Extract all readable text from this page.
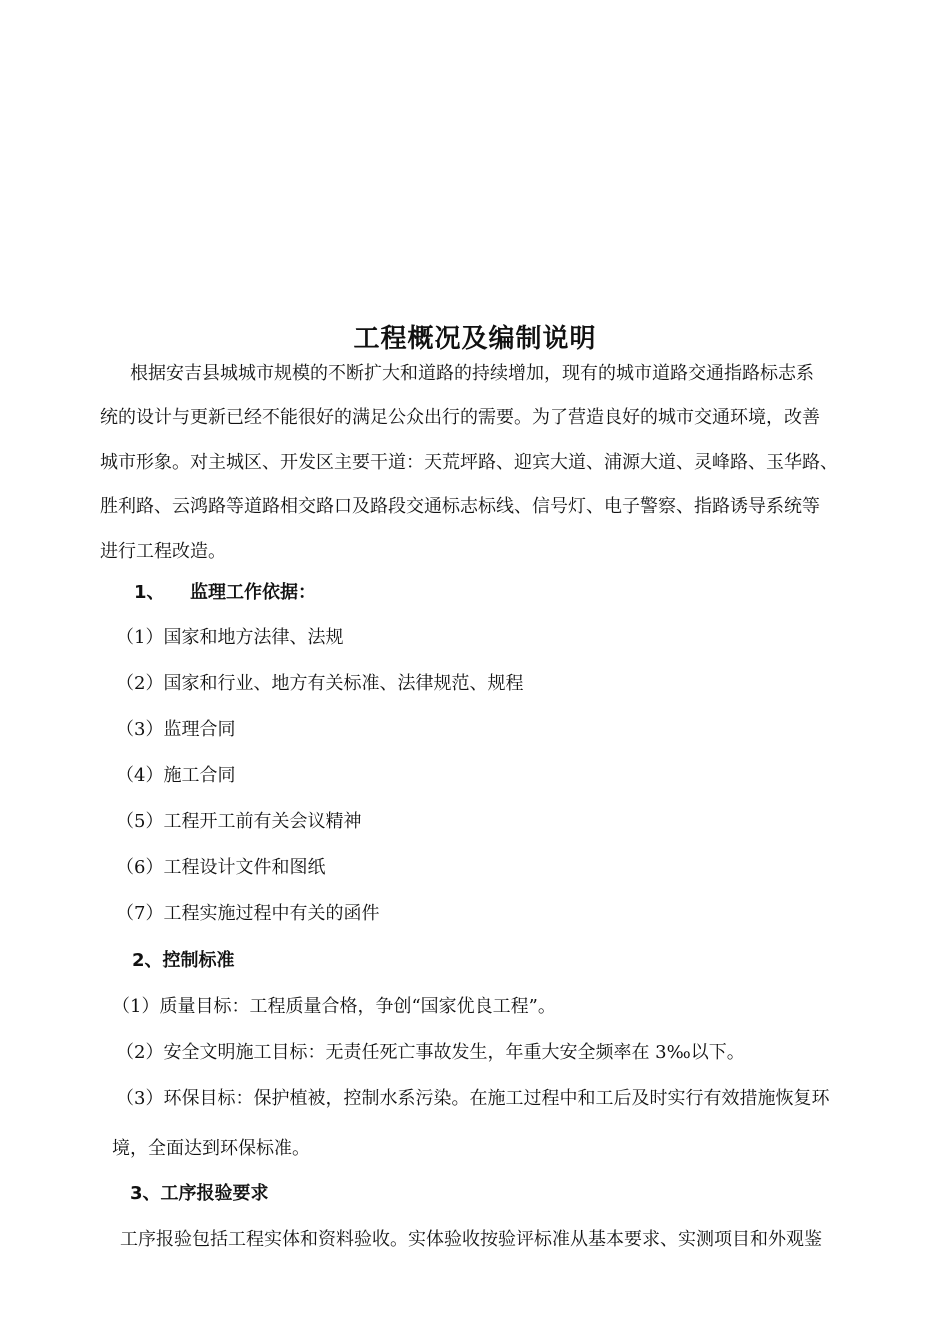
工程概况及编制说明
根据安吉县城城市规模的不断扩大和道路的持续增加，现有的城市道路交通指路标志系
统的设计与更新已经不能很好的满足公众出行的需要。为了营造良好的城市交通环境，改善
城市形象。对主城区、开发区主要干道：天荒坪路、迎宾大道、浦源大道、灵峰路、玉华路、
胜利路、云鸿路等道路相交路口及路段交通标志标线、信号灯、电子警察、指路诱导系统等
进行工程改造。
1、 监理工作依据：
（1）国家和地方法律、法规
（2）国家和行业、地方有关标准、法律规范、规程
（3）监理合同
（4）施工合同
（5）工程开工前有关会议精神
（6）工程设计文件和图纸
（7）工程实施过程中有关的函件
2、控制标准
（1）质量目标：工程质量合格，争创“国家优良工程”。
（2）安全文明施工目标：无责任死亡事故发生，年重大安全频率在 3‰以下。
（3）环保目标：保护植被，控制水系污染。在施工过程中和工后及时实行有效措施恢复环
境，全面达到环保标准。
3、工序报验要求
工序报验包括工程实体和资料验收。实体验收按验评标准从基本要求、实测项目和外观鉴
